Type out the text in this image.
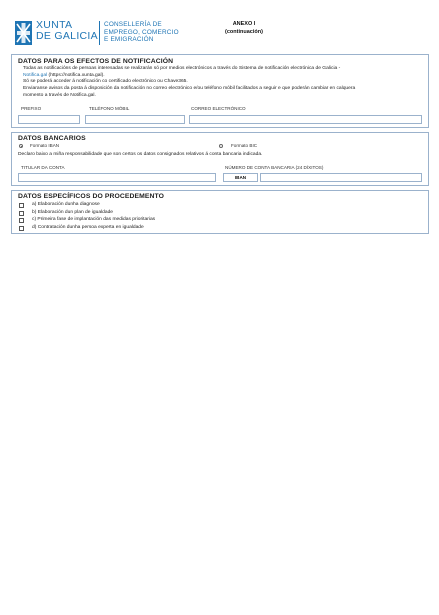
XUNTA
DE GALICIA
CONSELLERÍA DE
EMPREGO, COMERCIO
E EMIGRACIÓN
ANEXO I
(continuación)
DATOS PARA OS EFECTOS DE NOTIFICACIÓN
Todas as notificacións de persoas interesadas se realizarán só por medios electrónicos a través do Sistema de notificación electrónica de Galicia -
Notifica.gal (https://notifica.xunta.gal).
Só se poderá acceder á notificación co certificado electrónico ou Chave365.
Enviaranse avisos da posta á disposición da notificación no correo electrónico e/ou teléfono móbil facilitados a seguir e que poderán cambiar en calquera
momento a través de Notifica.gal.
PREFIXO	TELÉFONO MÓBIL	CORREO ELECTRÓNICO
DATOS BANCARIOS
Formato IBAN	Formato BIC
Declaro baixo a miña responsabilidade que son certos os datos consignados relativos á conta bancaria indicada.
TITULAR DA CONTA	NÚMERO DE CONTA BANCARIA (24 DÍXITOS)
IBAN
DATOS ESPECÍFICOS DO PROCEDEMENTO
a) Elaboración dunha diagnose
b) Elaboración dun plan de igualdade
c) Primeira fase de implantación das medidas prioritarias
d) Contratación dunha persoa experta en igualdade
